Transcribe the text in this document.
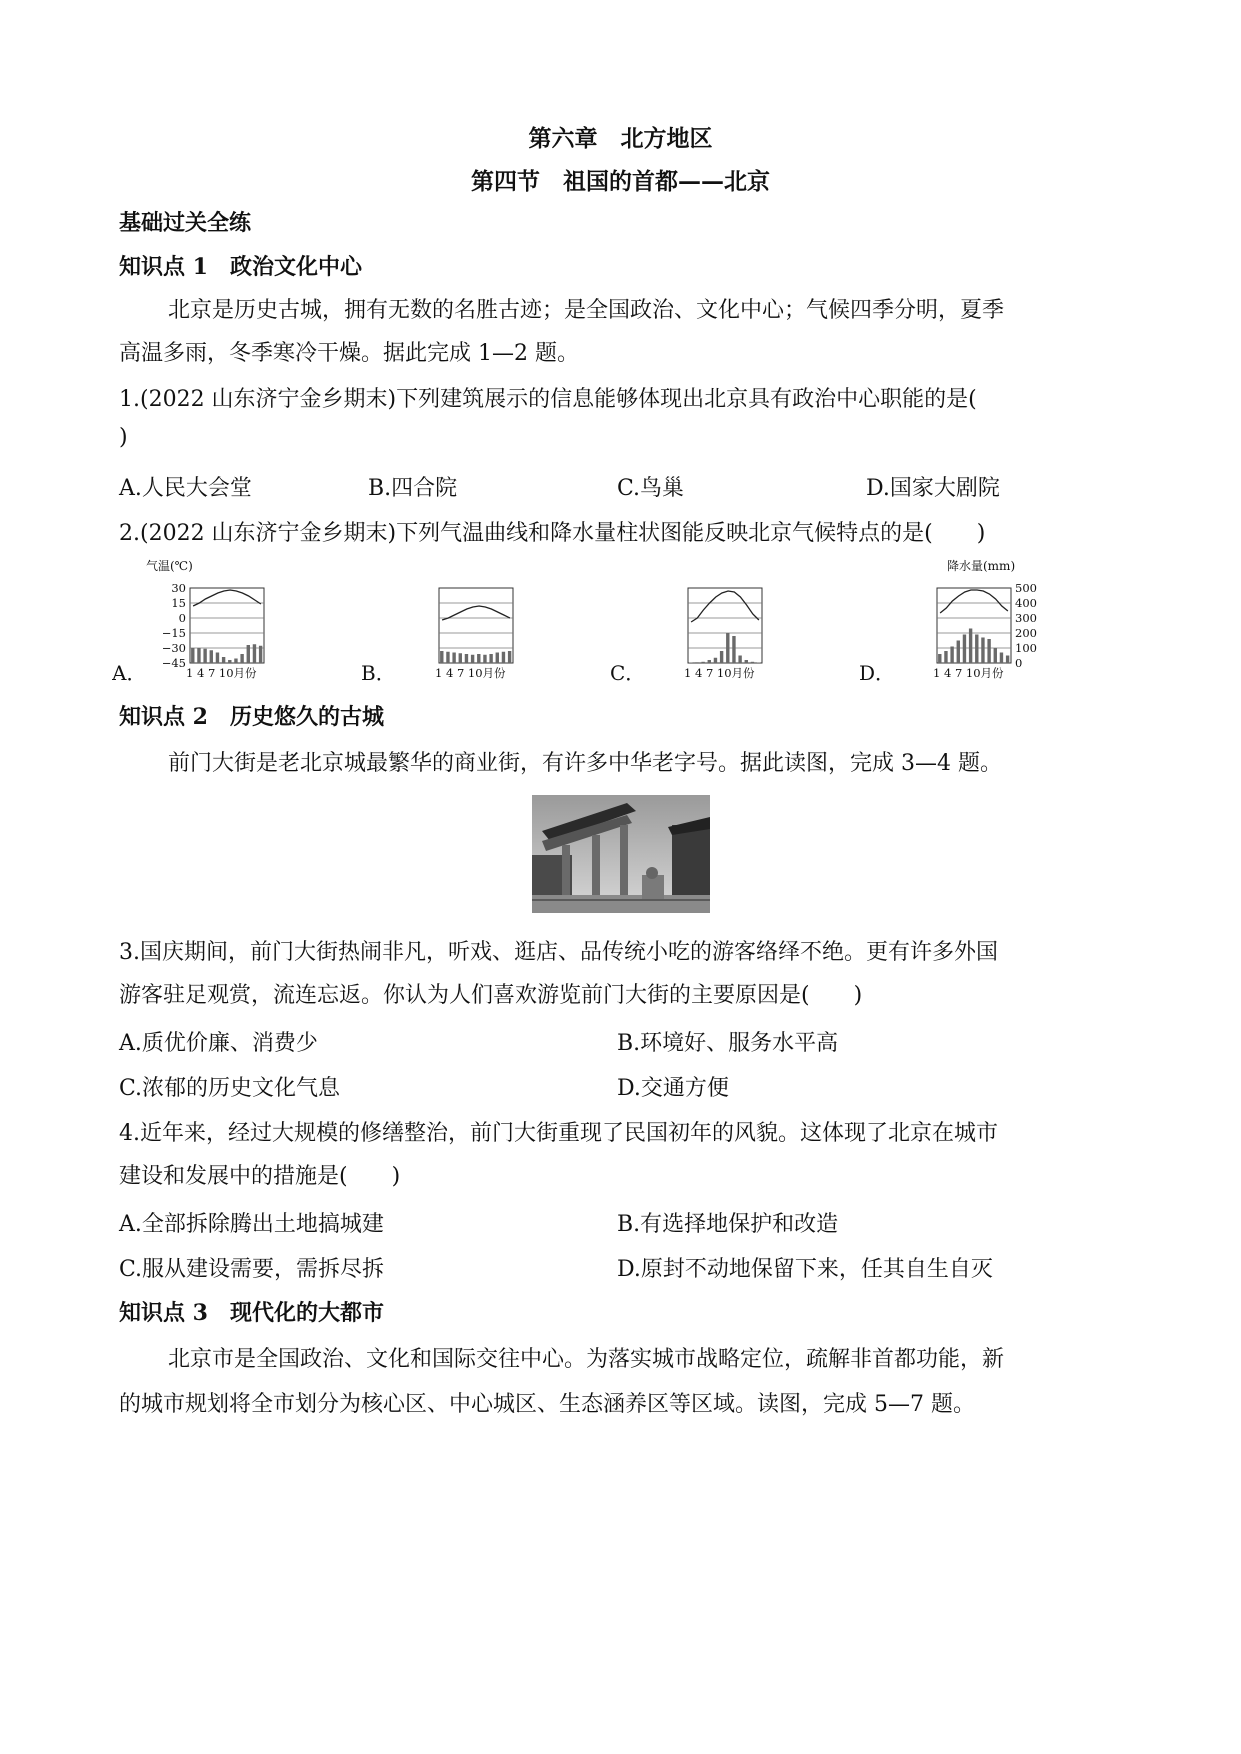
第六章　北方地区
第四节　祖国的首都——北京
基础过关全练
知识点 1　政治文化中心
北京是历史古城，拥有无数的名胜古迹；是全国政治、文化中心；气候四季分明，夏季
高温多雨，冬季寒冷干燥。据此完成 1—2 题。
1.(2022 山东济宁金乡期末)下列建筑展示的信息能够体现出北京具有政治中心职能的是(
)
A.人民大会堂	B.四合院	C.鸟巢	D.国家大剧院
2.(2022 山东济宁金乡期末)下列气温曲线和降水量柱状图能反映北京气候特点的是(　　)
A．	1 4 7 10月份
气温(℃)
30
15
0
−15
−30
−45	B．	1 4 7 10月份	C．	1 4 7 10月份	D．	1 4 7 10月份
降水量(mm)
500
400
300
200
100
0
知识点 2　历史悠久的古城
前门大街是老北京城最繁华的商业街，有许多中华老字号。据此读图，完成 3—4 题。
3.国庆期间，前门大街热闹非凡，听戏、逛店、品传统小吃的游客络绎不绝。更有许多外国
游客驻足观赏，流连忘返。你认为人们喜欢游览前门大街的主要原因是(　　)
A.质优价廉、消费少	B.环境好、服务水平高
C.浓郁的历史文化气息	D.交通方便
4.近年来，经过大规模的修缮整治，前门大街重现了民国初年的风貌。这体现了北京在城市
建设和发展中的措施是(　　)
A.全部拆除腾出土地搞城建	B.有选择地保护和改造
C.服从建设需要，需拆尽拆	D.原封不动地保留下来，任其自生自灭
知识点 3　现代化的大都市
北京市是全国政治、文化和国际交往中心。为落实城市战略定位，疏解非首都功能，新
的城市规划将全市划分为核心区、中心城区、生态涵养区等区域。读图，完成 5—7 题。
